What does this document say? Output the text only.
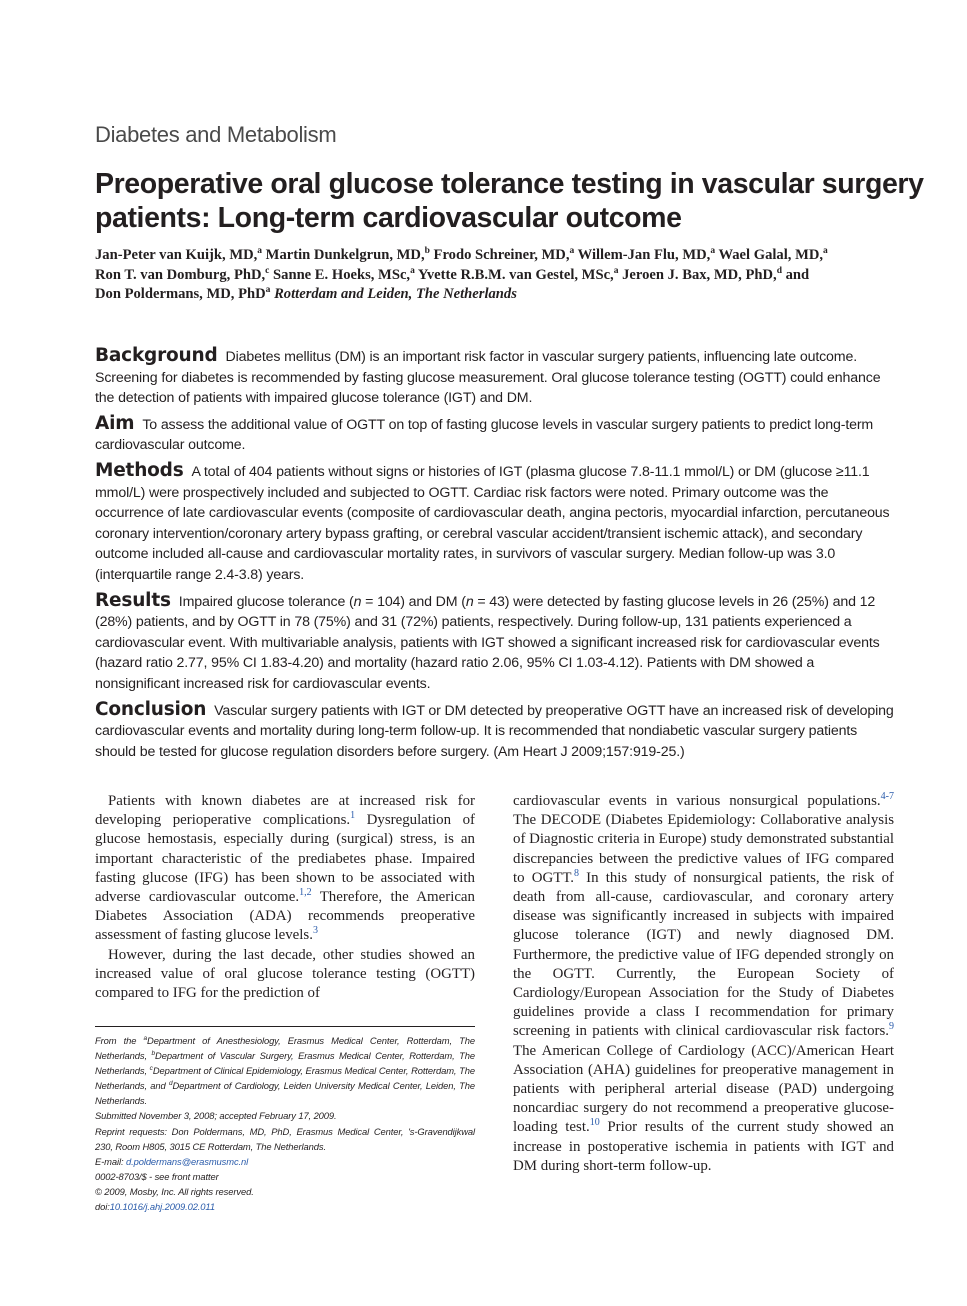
Diabetes and Metabolism
Preoperative oral glucose tolerance testing in vascular surgery patients: Long-term cardiovascular outcome
Jan-Peter van Kuijk, MD,$^a$ Martin Dunkelgrun, MD,$^b$ Frodo Schreiner, MD,$^a$ Willem-Jan Flu, MD,$^a$ Wael Galal, MD,$^a$
Ron T. van Domburg, PhD,$^c$ Sanne E. Hoeks, MSc,$^a$ Yvette R.B.M. van Gestel, MSc,$^a$ Jeroen J. Bax, MD, PhD,$^d$ and
Don Poldermans, MD, PhD$^a$ Rotterdam and Leiden, The Netherlands

Background Diabetes mellitus (DM) is an important risk factor in vascular surgery patients, influencing late outcome. Screening for diabetes is recommended by fasting glucose measurement. Oral glucose tolerance testing (OGTT) could enhance the detection of patients with impaired glucose tolerance (IGT) and DM.

Aim To assess the additional value of OGTT on top of fasting glucose levels in vascular surgery patients to predict long-term cardiovascular outcome.

Methods A total of 404 patients without signs or histories of IGT (plasma glucose 7.8-11.1 mmol/L) or DM (glucose ≥11.1 mmol/L) were prospectively included and subjected to OGTT. Cardiac risk factors were noted. Primary outcome was the occurrence of late cardiovascular events (composite of cardiovascular death, angina pectoris, myocardial infarction, percutaneous coronary intervention/coronary artery bypass grafting, or cerebral vascular accident/transient ischemic attack), and secondary outcome included all-cause and cardiovascular mortality rates, in survivors of vascular surgery. Median follow-up was 3.0 (interquartile range 2.4-3.8) years.

Results Impaired glucose tolerance (n = 104) and DM (n = 43) were detected by fasting glucose levels in 26 (25%) and 12 (28%) patients, and by OGTT in 78 (75%) and 31 (72%) patients, respectively. During follow-up, 131 patients experienced a cardiovascular event. With multivariable analysis, patients with IGT showed a significant increased risk for cardiovascular events (hazard ratio 2.77, 95% CI 1.83-4.20) and mortality (hazard ratio 2.06, 95% CI 1.03-4.12). Patients with DM showed a nonsignificant increased risk for cardiovascular events.

Conclusion Vascular surgery patients with IGT or DM detected by preoperative OGTT have an increased risk of developing cardiovascular events and mortality during long-term follow-up. It is recommended that nondiabetic vascular surgery patients should be tested for glucose regulation disorders before surgery. (Am Heart J 2009;157:919-25.)

Patients with known diabetes are at increased risk for developing perioperative complications.$^1$ Dysregulation of glucose hemostasis, especially during (surgical) stress, is an important characteristic of the prediabetes phase. Impaired fasting glucose (IFG) has been shown to be associated with adverse cardiovascular outcome.$^{1,2}$ Therefore, the American Diabetes Association (ADA) recommends preoperative assessment of fasting glucose levels.$^3$

However, during the last decade, other studies showed an increased value of oral glucose tolerance testing (OGTT) compared to IFG for the prediction of

From the $^a$Department of Anesthesiology, Erasmus Medical Center, Rotterdam, The Netherlands, $^b$Department of Vascular Surgery, Erasmus Medical Center, Rotterdam, The Netherlands, $^c$Department of Clinical Epidemiology, Erasmus Medical Center, Rotterdam, The Netherlands, and $^d$Department of Cardiology, Leiden University Medical Center, Leiden, The Netherlands.

Submitted November 3, 2008; accepted February 17, 2009.

Reprint requests: Don Poldermans, MD, PhD, Erasmus Medical Center, 's-Gravendijkwal 230, Room H805, 3015 CE Rotterdam, The Netherlands.

E-mail: d.poldermans@erasmusmc.nl

0002-8703/$ - see front matter

© 2009, Mosby, Inc. All rights reserved.

doi:10.1016/j.ahj.2009.02.011

cardiovascular events in various nonsurgical populations.$^{4-7}$ The DECODE (Diabetes Epidemiology: Collaborative analysis of Diagnostic criteria in Europe) study demonstrated substantial discrepancies between the predictive values of IFG compared to OGTT.$^8$ In this study of nonsurgical patients, the risk of death from all-cause, cardiovascular, and coronary artery disease was significantly increased in subjects with impaired glucose tolerance (IGT) and newly diagnosed DM. Furthermore, the predictive value of IFG depended strongly on the OGTT. Currently, the European Society of Cardiology/European Association for the Study of Diabetes guidelines provide a class I recommendation for primary screening in patients with clinical cardiovascular risk factors.$^9$ The American College of Cardiology (ACC)/American Heart Association (AHA) guidelines for preoperative management in patients with peripheral arterial disease (PAD) undergoing noncardiac surgery do not recommend a preoperative glucose-loading test.$^{10}$ Prior results of the current study showed an increase in postoperative ischemia in patients with IGT and DM during short-term follow-up.
